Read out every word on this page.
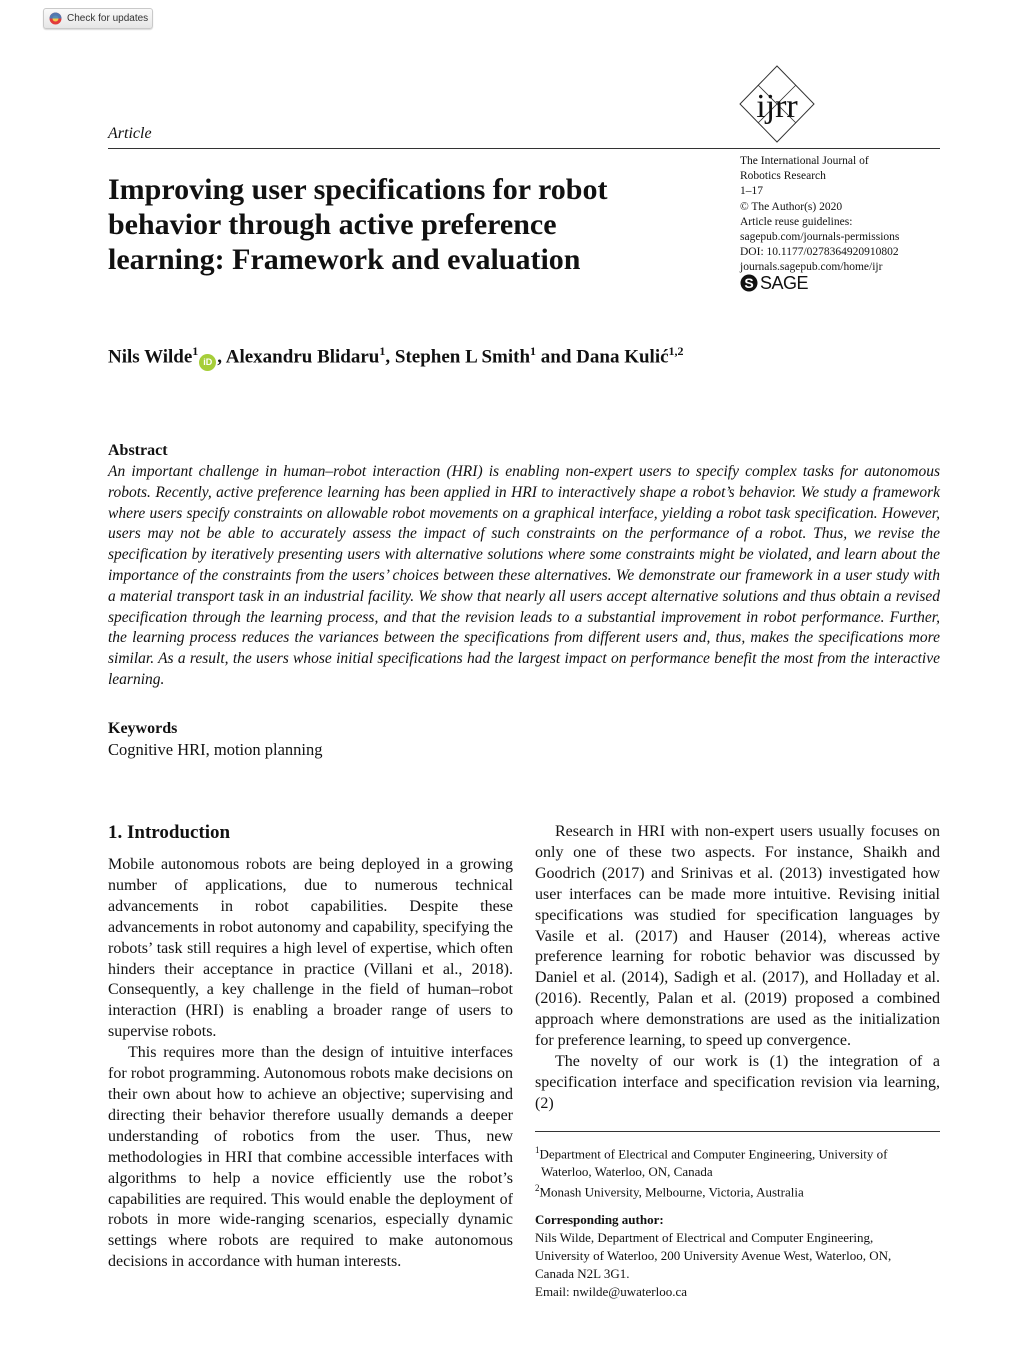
Check for updates
ijrr
Article
Improving user specifications for robot behavior through active preference learning: Framework and evaluation
The International Journal of
Robotics Research
1–17
© The Author(s) 2020
Article reuse guidelines:
sagepub.com/journals-permissions
DOI: 10.1177/0278364920910802
journals.sagepub.com/home/ijr
S SAGE
Nils Wilde$^1$iD , Alexandru Blidaru$^1$, Stephen L Smith$^1$ and Dana Kulić$^{1,2}$
Abstract
An important challenge in human–robot interaction (HRI) is enabling non-expert users to specify complex tasks for autonomous robots. Recently, active preference learning has been applied in HRI to interactively shape a robot’s behavior. We study a framework where users specify constraints on allowable robot movements on a graphical interface, yielding a robot task specification. However, users may not be able to accurately assess the impact of such constraints on the performance of a robot. Thus, we revise the specification by iteratively presenting users with alternative solutions where some constraints might be violated, and learn about the importance of the constraints from the users’ choices between these alternatives. We demonstrate our framework in a user study with a material transport task in an industrial facility. We show that nearly all users accept alternative solutions and thus obtain a revised specification through the learning process, and that the revision leads to a substantial improvement in robot performance. Further, the learning process reduces the variances between the specifications from different users and, thus, makes the specifications more similar. As a result, the users whose initial specifications had the largest impact on performance benefit the most from the interactive learning.
Keywords
Cognitive HRI, motion planning
1. Introduction

Mobile autonomous robots are being deployed in a growing number of applications, due to numerous technical advancements in robot capabilities. Despite these advancements in robot autonomy and capability, specifying the robots’ task still requires a high level of expertise, which often hinders their acceptance in practice (Villani et al., 2018). Consequently, a key challenge in the field of human–robot interaction (HRI) is enabling a broader range of users to supervise robots.

This requires more than the design of intuitive interfaces for robot programming. Autonomous robots make decisions on their own about how to achieve an objective; supervising and directing their behavior therefore usually demands a deeper understanding of robotics from the user. Thus, new methodologies in HRI that combine accessible interfaces with algorithms to help a novice efficiently use the robot’s capabilities are required. This would enable the deployment of robots in more wide-ranging scenarios, especially dynamic settings where robots are required to make autonomous decisions in accordance with human interests.

Research in HRI with non-expert users usually focuses on only one of these two aspects. For instance, Shaikh and Goodrich (2017) and Srinivas et al. (2013) investigated how user interfaces can be made more intuitive. Revising initial specifications was studied for specification languages by Vasile et al. (2017) and Hauser (2014), whereas active preference learning for robotic behavior was discussed by Daniel et al. (2014), Sadigh et al. (2017), and Holladay et al. (2016). Recently, Palan et al. (2019) proposed a combined approach where demonstrations are used as the initialization for preference learning, to speed up convergence.

The novelty of our work is (1) the integration of a specification interface and specification revision via learning, (2)

$^1$Department of Electrical and Computer Engineering, University of
Waterloo, Waterloo, ON, Canada
$^2$Monash University, Melbourne, Victoria, Australia
Corresponding author:
Nils Wilde, Department of Electrical and Computer Engineering,
University of Waterloo, 200 University Avenue West, Waterloo, ON,
Canada N2L 3G1.
Email: nwilde@uwaterloo.ca
